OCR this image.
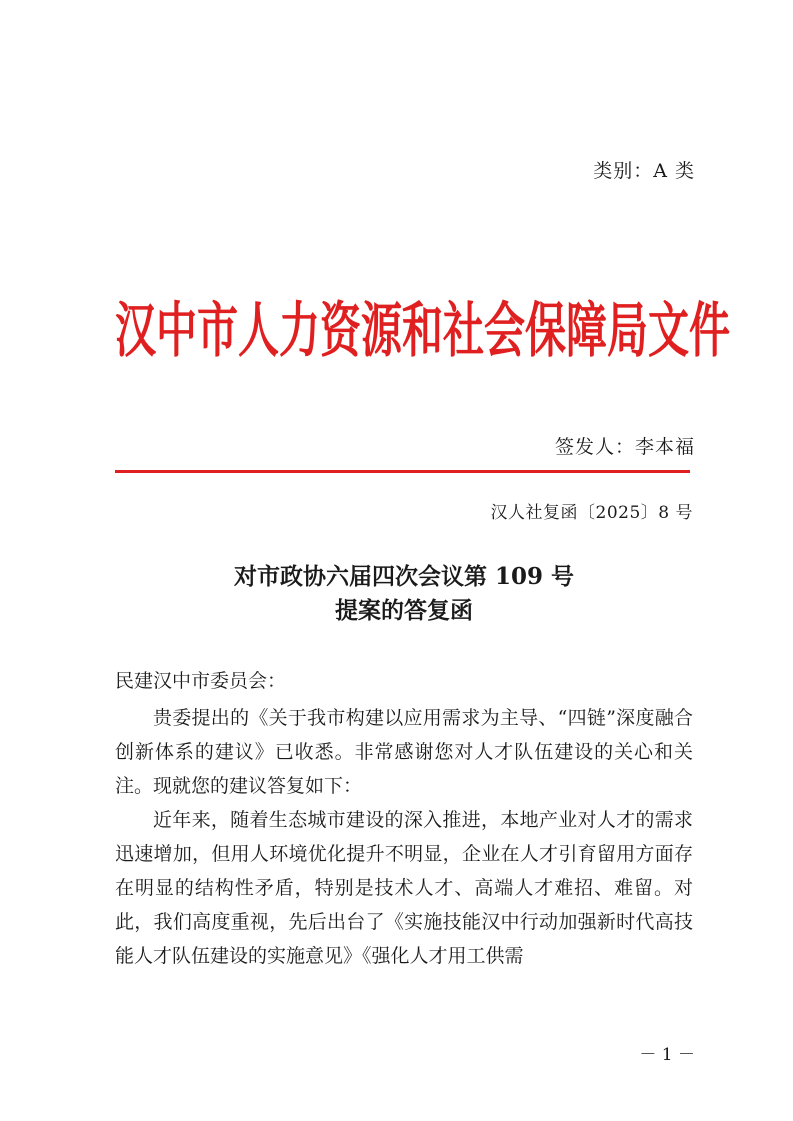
类别：A 类
汉中市人力资源和社会保障局文件
签发人：李本福
汉人社复函〔2025〕8 号
对市政协六届四次会议第 109 号
提案的答复函
民建汉中市委员会：

贵委提出的《关于我市构建以应用需求为主导、“四链”深度融合创新体系的建议》已收悉。非常感谢您对人才队伍建设的关心和关注。现就您的建议答复如下：

近年来，随着生态城市建设的深入推进，本地产业对人才的需求迅速增加，但用人环境优化提升不明显，企业在人才引育留用方面存在明显的结构性矛盾，特别是技术人才、高端人才难招、难留。对此，我们高度重视，先后出台了《实施技能汉中行动加强新时代高技能人才队伍建设的实施意见》《强化人才用工供需

－ 1 －
